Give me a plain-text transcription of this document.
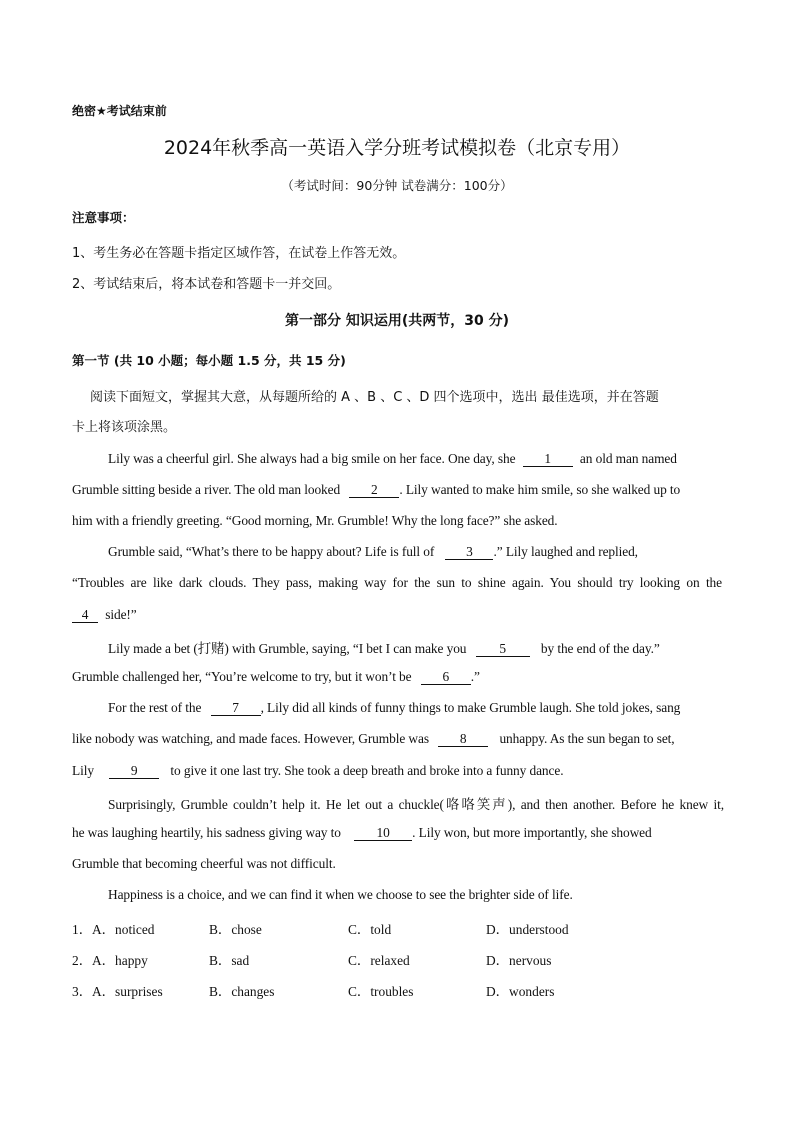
绝密★考试结束前
2024年秋季高一英语入学分班考试模拟卷（北京专用）
（考试时间：90分钟 试卷满分：100分）
注意事项：
1、考生务必在答题卡指定区域作答，在试卷上作答无效。
2、考试结束后，将本试卷和答题卡一并交回。
第一部分 知识运用(共两节，30 分)
第一节 (共 10 小题；每小题 1.5 分，共 15 分)
阅读下面短文，掌握其大意，从每题所给的 A 、B 、C 、D 四个选项中，选出 最佳选项，并在答题
卡上将该项涂黑。
Lily was a cheerful girl. She always had a big smile on her face. One day, she 1 an old man named
Grumble sitting beside a river. The old man looked 2 . Lily wanted to make him smile, so she walked up to
him with a friendly greeting. “Good morning, Mr. Grumble! Why the long face?” she asked.
Grumble said, “What’s there to be happy about? Life is full of 3 .” Lily laughed and replied,
“Troubles are like dark clouds. They pass, making way for the sun to shine again. You should try looking on the
4 side!”
Lily made a bet (打赌) with Grumble, saying, “I bet I can make you 5	by the end of the day.”
Grumble challenged her, “You’re welcome to try, but it won’t be 6 .”
For the rest of the 7 , Lily did all kinds of funny things to make Grumble laugh. She told jokes, sang
like nobody was watching, and made faces. However, Grumble was 8 unhappy. As the sun began to set,
Lily	9 to give it one last try. She took a deep breath and broke into a funny dance.
Surprisingly, Grumble couldn’t help it. He let out a chuckle(咯咯笑声), and then another. Before he knew it,
he was laughing heartily, his sadness giving way to	10 . Lily won, but more importantly, she showed
Grumble that becoming cheerful was not difficult.
Happiness is a choice, and we can find it when we choose to see the brighter side of life.
1． A．noticed	B．chose	C．told	D．understood
2． A．happy	B．sad	C．relaxed	D．nervous
3． A．surprises	B．changes	C．troubles	D．wonders
